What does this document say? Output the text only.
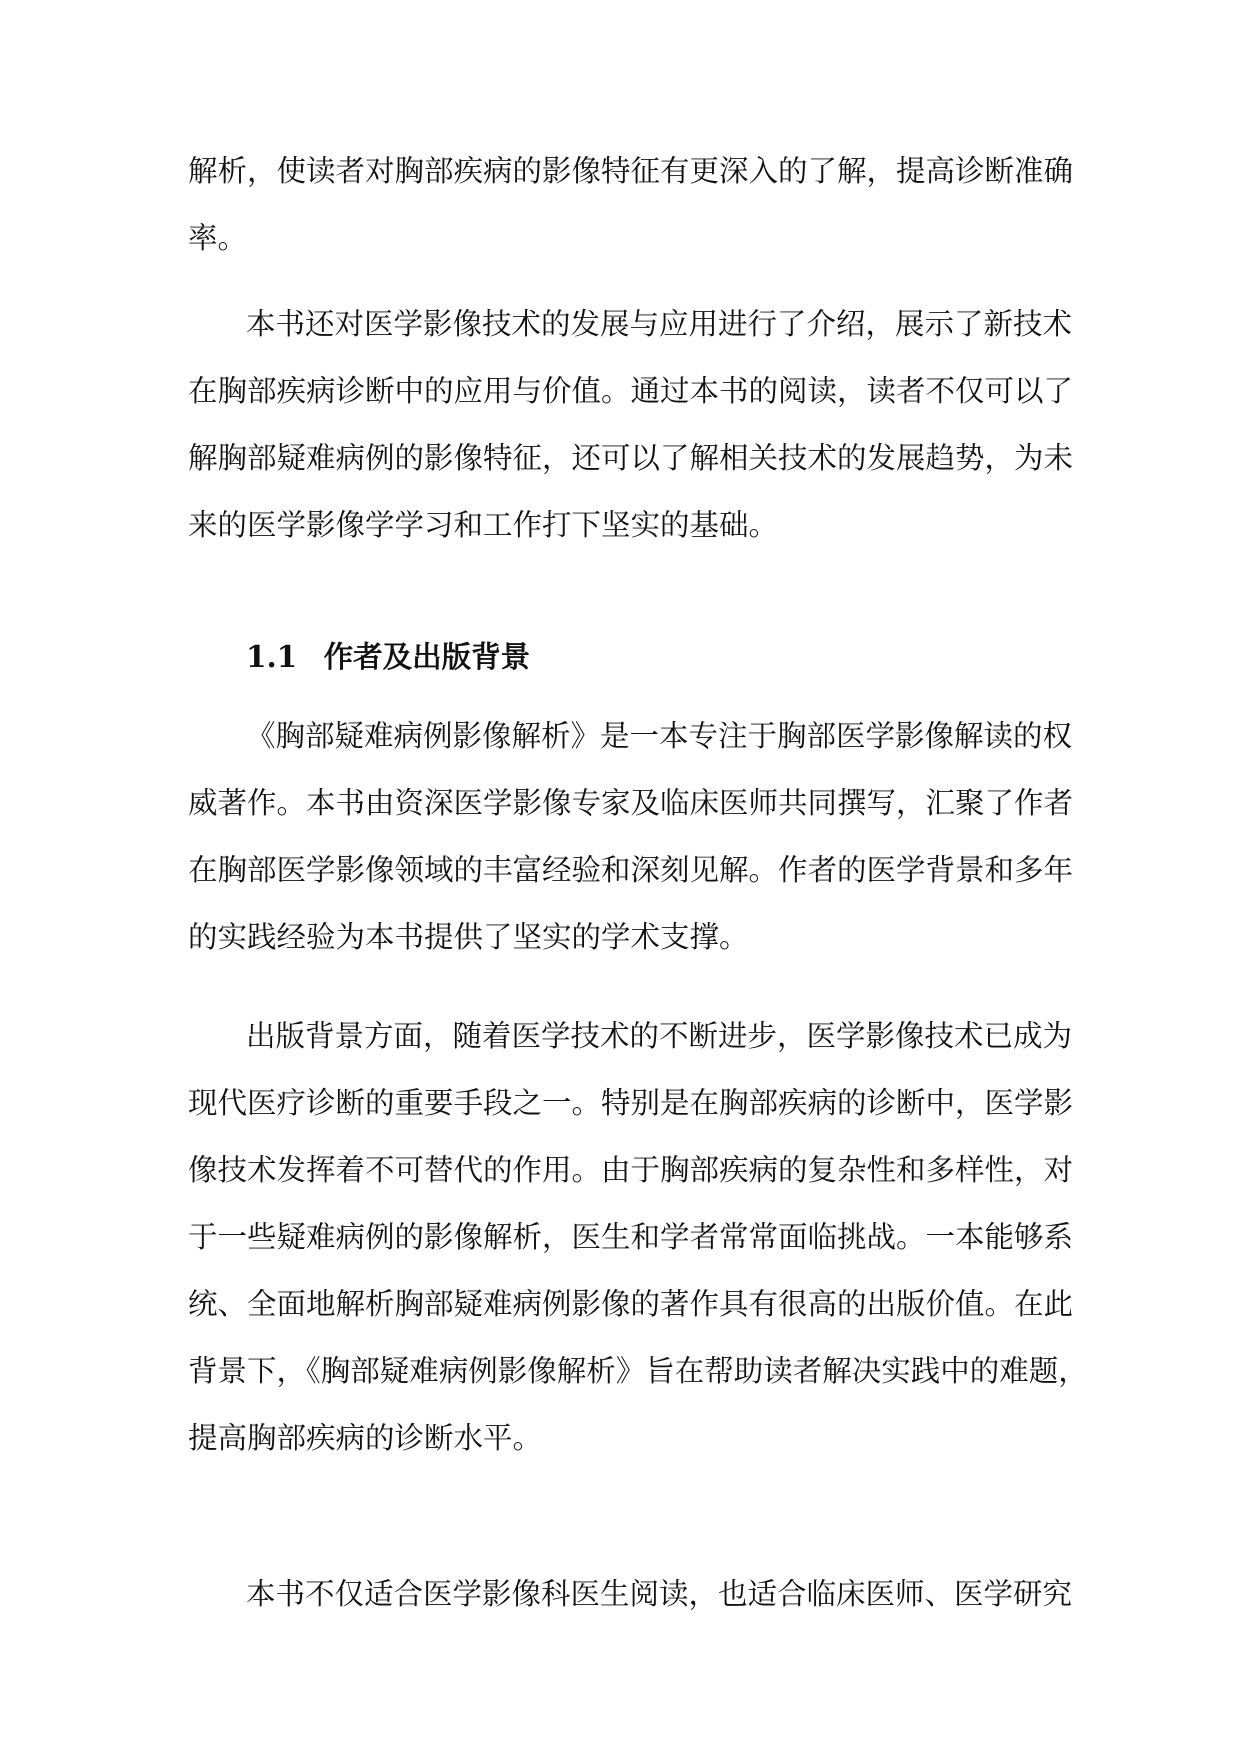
解析，使读者对胸部疾病的影像特征有更深入的了解，提高诊断准确
率。
本书还对医学影像技术的发展与应用进行了介绍，展示了新技术
在胸部疾病诊断中的应用与价值。通过本书的阅读，读者不仅可以了
解胸部疑难病例的影像特征，还可以了解相关技术的发展趋势，为未
来的医学影像学学习和工作打下坚实的基础。
1.1 作者及出版背景
《胸部疑难病例影像解析》是一本专注于胸部医学影像解读的权
威著作。本书由资深医学影像专家及临床医师共同撰写，汇聚了作者
在胸部医学影像领域的丰富经验和深刻见解。作者的医学背景和多年
的实践经验为本书提供了坚实的学术支撑。
出版背景方面，随着医学技术的不断进步，医学影像技术已成为
现代医疗诊断的重要手段之一。特别是在胸部疾病的诊断中，医学影
像技术发挥着不可替代的作用。由于胸部疾病的复杂性和多样性，对
于一些疑难病例的影像解析，医生和学者常常面临挑战。一本能够系
统、全面地解析胸部疑难病例影像的著作具有很高的出版价值。在此
背景下，《胸部疑难病例影像解析》旨在帮助读者解决实践中的难题，
提高胸部疾病的诊断水平。
本书不仅适合医学影像科医生阅读，也适合临床医师、医学研究
